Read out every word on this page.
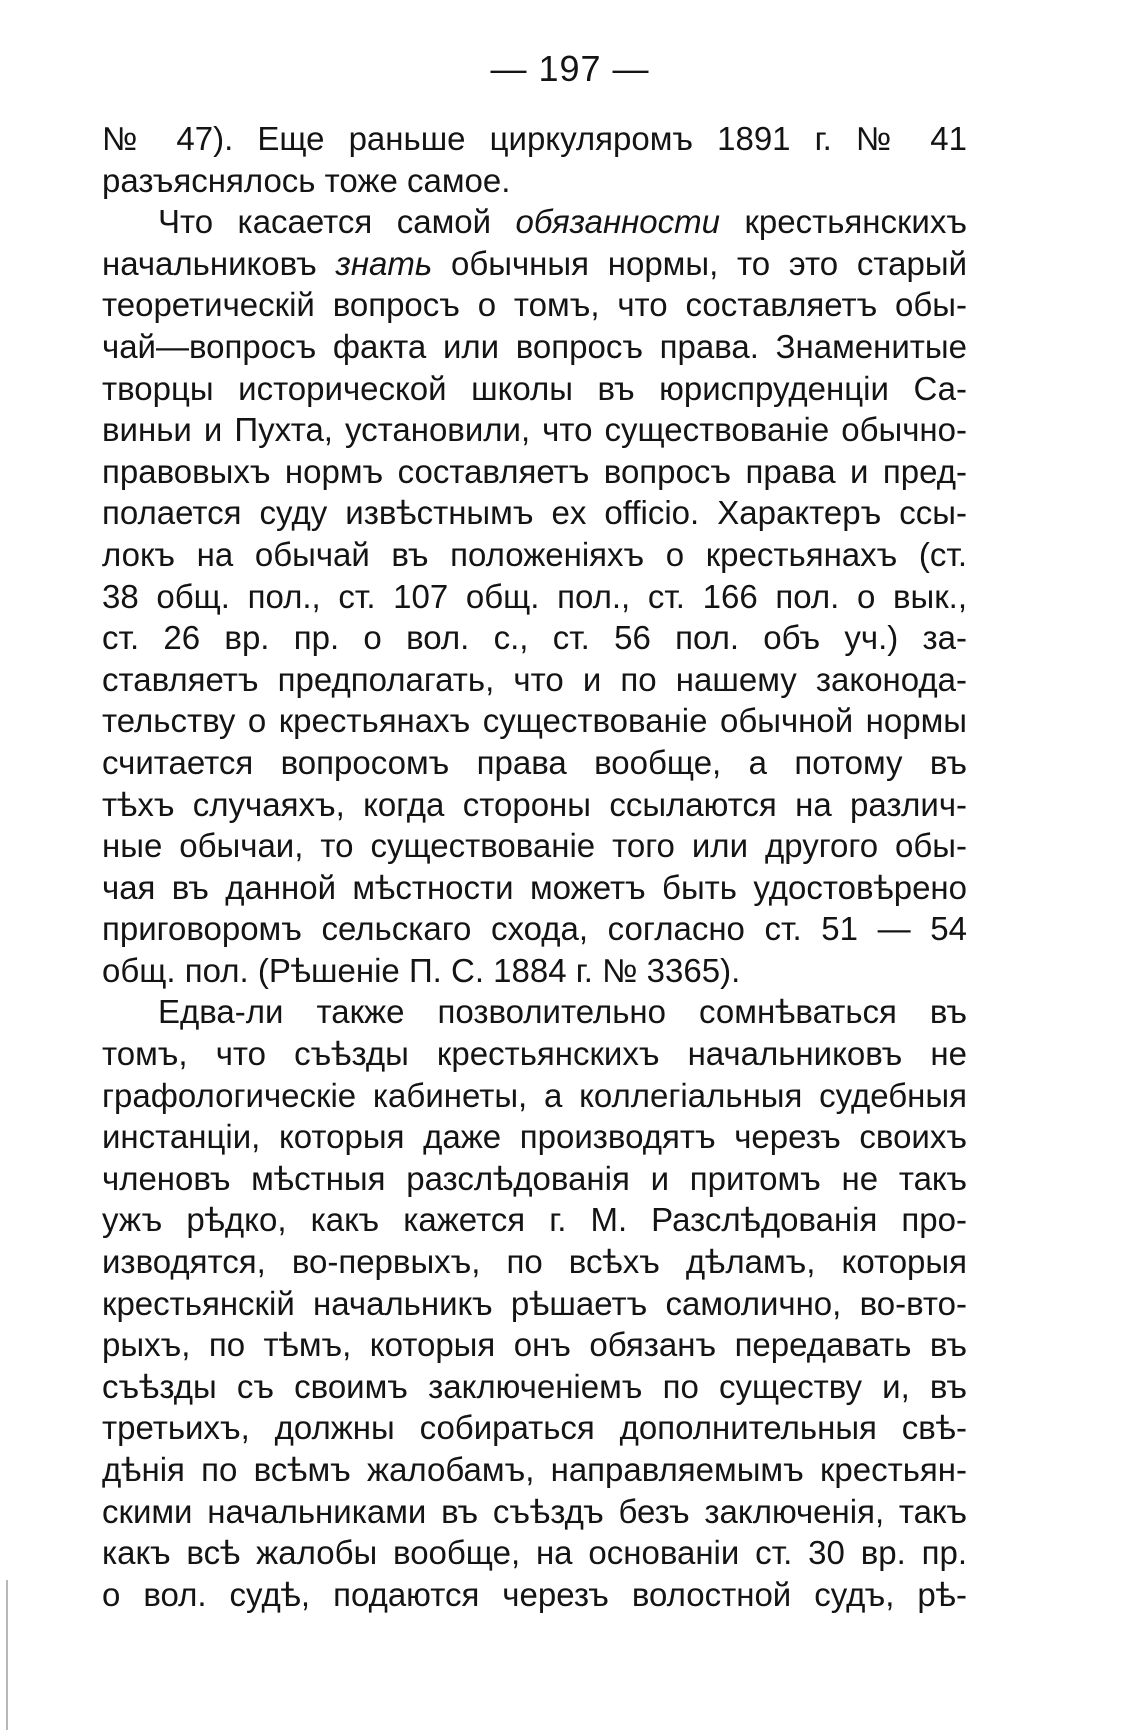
— 197 —

№ 47). Еще раньше циркуляромъ 1891 г. № 41
разъяснялось тоже самое.

Что касается самой обязанности крестьянскихъ
начальниковъ знать обычныя нормы, то это старый
теоретическій вопросъ о томъ, что составляетъ обы-
чай—вопросъ факта или вопросъ права. Знаменитые
творцы исторической школы въ юриспруденціи Са-
виньи и Пухта, установили, что существованіе обычно-
правовыхъ нормъ составляетъ вопросъ права и пред-
полается суду извѣстнымъ ex officio. Характеръ ссы-
локъ на обычай въ положеніяхъ о крестьянахъ (ст.
38 общ. пол., ст. 107 общ. пол., ст. 166 пол. о вык.,
ст. 26 вр. пр. о вол. с., ст. 56 пол. объ уч.) за-
ставляетъ предполагать, что и по нашему законода-
тельству о крестьянахъ существованіе обычной нормы
считается вопросомъ права вообще, а потому въ
тѣхъ случаяхъ, когда стороны ссылаются на различ-
ные обычаи, то существованіе того или другого обы-
чая въ данной мѣстности можетъ быть удостовѣрено
приговоромъ сельскаго схода, согласно ст. 51 — 54
общ. пол. (Рѣшеніе П. С. 1884 г. № 3365).

Едва-ли также позволительно сомнѣваться въ
томъ, что съѣзды крестьянскихъ начальниковъ не
графологическіе кабинеты, а коллегіальныя судебныя
инстанціи, которыя даже производятъ черезъ своихъ
членовъ мѣстныя разслѣдованія и притомъ не такъ
ужъ рѣдко, какъ кажется г. М. Разслѣдованія про-
изводятся, во-первыхъ, по всѣхъ дѣламъ, которыя
крестьянскій начальникъ рѣшаетъ самолично, во-вто-
рыхъ, по тѣмъ, которыя онъ обязанъ передавать въ
съѣзды съ своимъ заключеніемъ по существу и, въ
третьихъ, должны собираться дополнительныя свѣ-
дѣнія по всѣмъ жалобамъ, направляемымъ крестьян-
скими начальниками въ съѣздъ безъ заключенія, такъ
какъ всѣ жалобы вообще, на основаніи ст. 30 вр. пр.
о вол. судѣ, подаются черезъ волостной судъ, рѣ-
